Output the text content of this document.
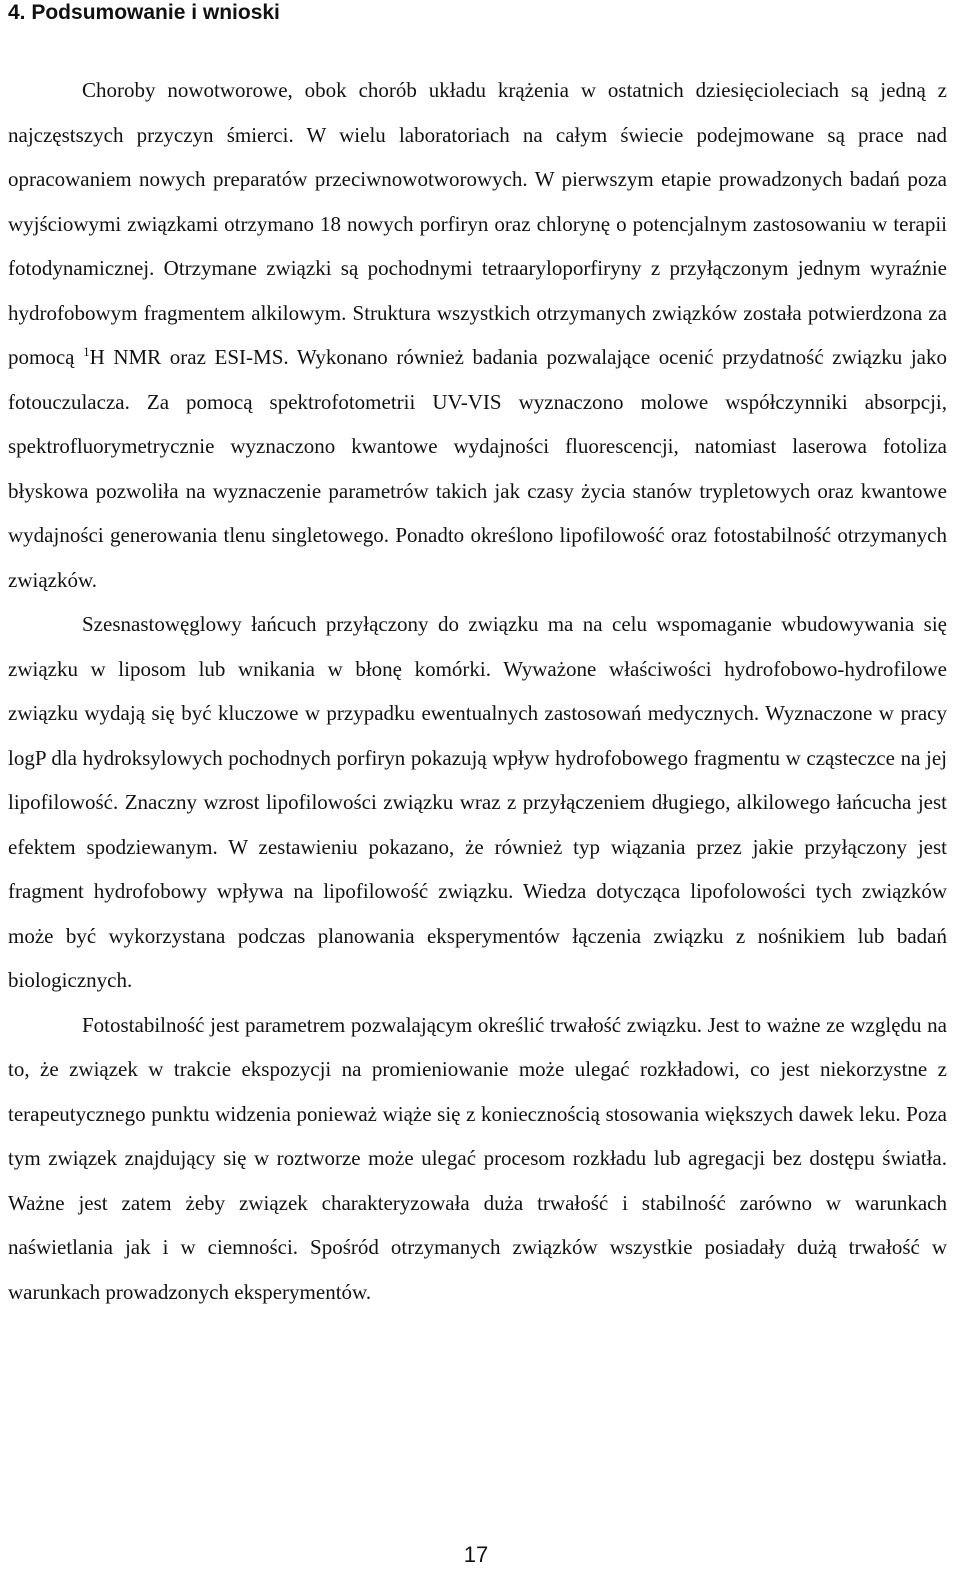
4. Podsumowanie i wnioski

Choroby nowotworowe, obok chorób układu krążenia w ostatnich dziesięcioleciach są jedną z najczęstszych przyczyn śmierci. W wielu laboratoriach na całym świecie podejmowane są prace nad opracowaniem nowych preparatów przeciwnowotworowych. W pierwszym etapie prowadzonych badań poza wyjściowymi związkami otrzymano 18 nowych porfiryn oraz chlorynę o potencjalnym zastosowaniu w terapii fotodynamicznej. Otrzymane związki są pochodnymi tetraaryloporfiryny z przyłączonym jednym wyraźnie hydrofobowym fragmentem alkilowym. Struktura wszystkich otrzymanych związków została potwierdzona za pomocą $^1$H NMR oraz ESI-MS. Wykonano również badania pozwalające ocenić przydatność związku jako fotouczulacza. Za pomocą spektrofotometrii UV-VIS wyznaczono molowe współczynniki absorpcji, spektrofluorymetrycznie wyznaczono kwantowe wydajności fluorescencji, natomiast laserowa fotoliza błyskowa pozwoliła na wyznaczenie parametrów takich jak czasy życia stanów trypletowych oraz kwantowe wydajności generowania tlenu singletowego. Ponadto określono lipofilowość oraz fotostabilność otrzymanych związków.

Szesnastowęglowy łańcuch przyłączony do związku ma na celu wspomaganie wbudowywania się związku w liposom lub wnikania w błonę komórki. Wyważone właściwości hydrofobowo-hydrofilowe związku wydają się być kluczowe w przypadku ewentualnych zastosowań medycznych. Wyznaczone w pracy logP dla hydroksylowych pochodnych porfiryn pokazują wpływ hydrofobowego fragmentu w cząsteczce na jej lipofilowość. Znaczny wzrost lipofilowości związku wraz z przyłączeniem długiego, alkilowego łańcucha jest efektem spodziewanym. W zestawieniu pokazano, że również typ wiązania przez jakie przyłączony jest fragment hydrofobowy wpływa na lipofilowość związku. Wiedza dotycząca lipofolowości tych związków może być wykorzystana podczas planowania eksperymentów łączenia związku z nośnikiem lub badań biologicznych.

Fotostabilność jest parametrem pozwalającym określić trwałość związku. Jest to ważne ze względu na to, że związek w trakcie ekspozycji na promieniowanie może ulegać rozkładowi, co jest niekorzystne z terapeutycznego punktu widzenia ponieważ wiąże się z koniecznością stosowania większych dawek leku. Poza tym związek znajdujący się w roztworze może ulegać procesom rozkładu lub agregacji bez dostępu światła. Ważne jest zatem żeby związek charakteryzowała duża trwałość i stabilność zarówno w warunkach naświetlania jak i w ciemności. Spośród otrzymanych związków wszystkie posiadały dużą trwałość w warunkach prowadzonych eksperymentów.

17
